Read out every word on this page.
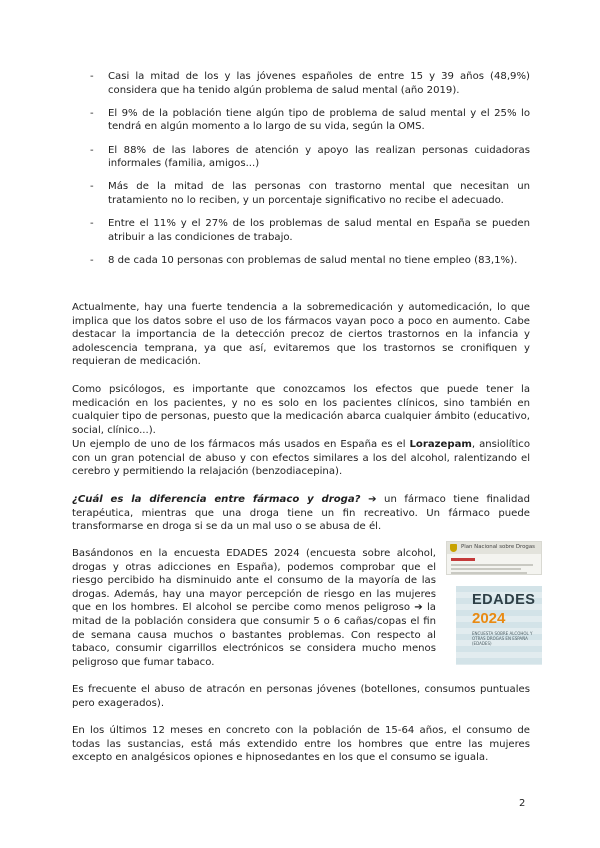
- Casi la mitad de los y las jóvenes españoles de entre 15 y 39 años (48,9%) considera que ha tenido algún problema de salud mental (año 2019).
- El 9% de la población tiene algún tipo de problema de salud mental y el 25% lo tendrá en algún momento a lo largo de su vida, según la OMS.
- El 88% de las labores de atención y apoyo las realizan personas cuidadoras informales (familia, amigos...)
- Más de la mitad de las personas con trastorno mental que necesitan un tratamiento no lo reciben, y un porcentaje significativo no recibe el adecuado.
- Entre el 11% y el 27% de los problemas de salud mental en España se pueden atribuir a las condiciones de trabajo.
- 8 de cada 10 personas con problemas de salud mental no tiene empleo (83,1%).

Actualmente, hay una fuerte tendencia a la sobremedicación y automedicación, lo que implica que los datos sobre el uso de los fármacos vayan poco a poco en aumento. Cabe destacar la importancia de la detección precoz de ciertos trastornos en la infancia y adolescencia temprana, ya que así, evitaremos que los trastornos se cronifiquen y requieran de medicación.

Como psicólogos, es importante que conozcamos los efectos que puede tener la medicación en los pacientes, y no es solo en los pacientes clínicos, sino también en cualquier tipo de personas, puesto que la medicación abarca cualquier ámbito (educativo, social, clínico...).

Un ejemplo de uno de los fármacos más usados en España es el Lorazepam, ansiolítico con un gran potencial de abuso y con efectos similares a los del alcohol, ralentizando el cerebro y permitiendo la relajación (benzodiacepina).

¿Cuál es la diferencia entre fármaco y droga? ➔ un fármaco tiene finalidad terapéutica, mientras que una droga tiene un fin recreativo. Un fármaco puede transformarse en droga si se da un mal uso o se abusa de él.

Basándonos en la encuesta EDADES 2024 (encuesta sobre alcohol, drogas y otras adicciones en España), podemos comprobar que el riesgo percibido ha disminuido ante el consumo de la mayoría de las drogas. Además, hay una mayor percepción de riesgo en las mujeres que en los hombres. El alcohol se percibe como menos peligroso ➔ la mitad de la población considera que consumir 5 o 6 cañas/copas el fin de semana causa muchos o bastantes problemas. Con respecto al tabaco, consumir cigarrillos electrónicos se considera mucho menos peligroso que fumar tabaco.

Es frecuente el abuso de atracón en personas jóvenes (botellones, consumos puntuales pero exagerados).

En los últimos 12 meses en concreto con la población de 15-64 años, el consumo de todas las sustancias, está más extendido entre los hombres que entre las mujeres excepto en analgésicos opiones e hipnosedantes en los que el consumo se iguala.

Plan Nacional sobre Drogas
EDADES
2024
ENCUESTA SOBRE ALCOHOL Y OTRAS DROGAS EN ESPAÑA (EDADES)
2
